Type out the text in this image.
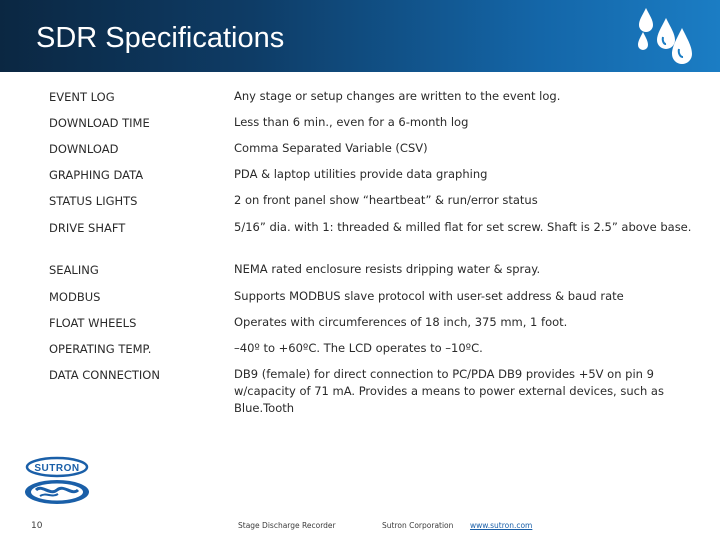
SDR Specifications
EVENT LOG	Any stage or setup changes are written to the event log.
DOWNLOAD TIME	Less than 6 min., even for a 6-month log
DOWNLOAD	Comma Separated Variable (CSV)
GRAPHING DATA	PDA & laptop utilities provide data graphing
STATUS LIGHTS	2 on front panel show “heartbeat” & run/error status
DRIVE SHAFT	5/16” dia. with 1: threaded & milled flat for set screw. Shaft is 2.5” above base.
SEALING	NEMA rated enclosure resists dripping water & spray.
MODBUS	Supports MODBUS slave protocol with user-set address & baud rate
FLOAT WHEELS	Operates with circumferences of 18 inch, 375 mm, 1 foot.
OPERATING TEMP.	–40º to +60ºC. The LCD operates to –10ºC.
DATA CONNECTION	DB9 (female) for direct connection to PC/PDA DB9 provides +5V on pin 9 w/capacity of 71 mA. Provides a means to power external devices, such as Blue.Tooth
SUTRON
10	Stage Discharge Recorder	Sutron Corporation www.sutron.com
